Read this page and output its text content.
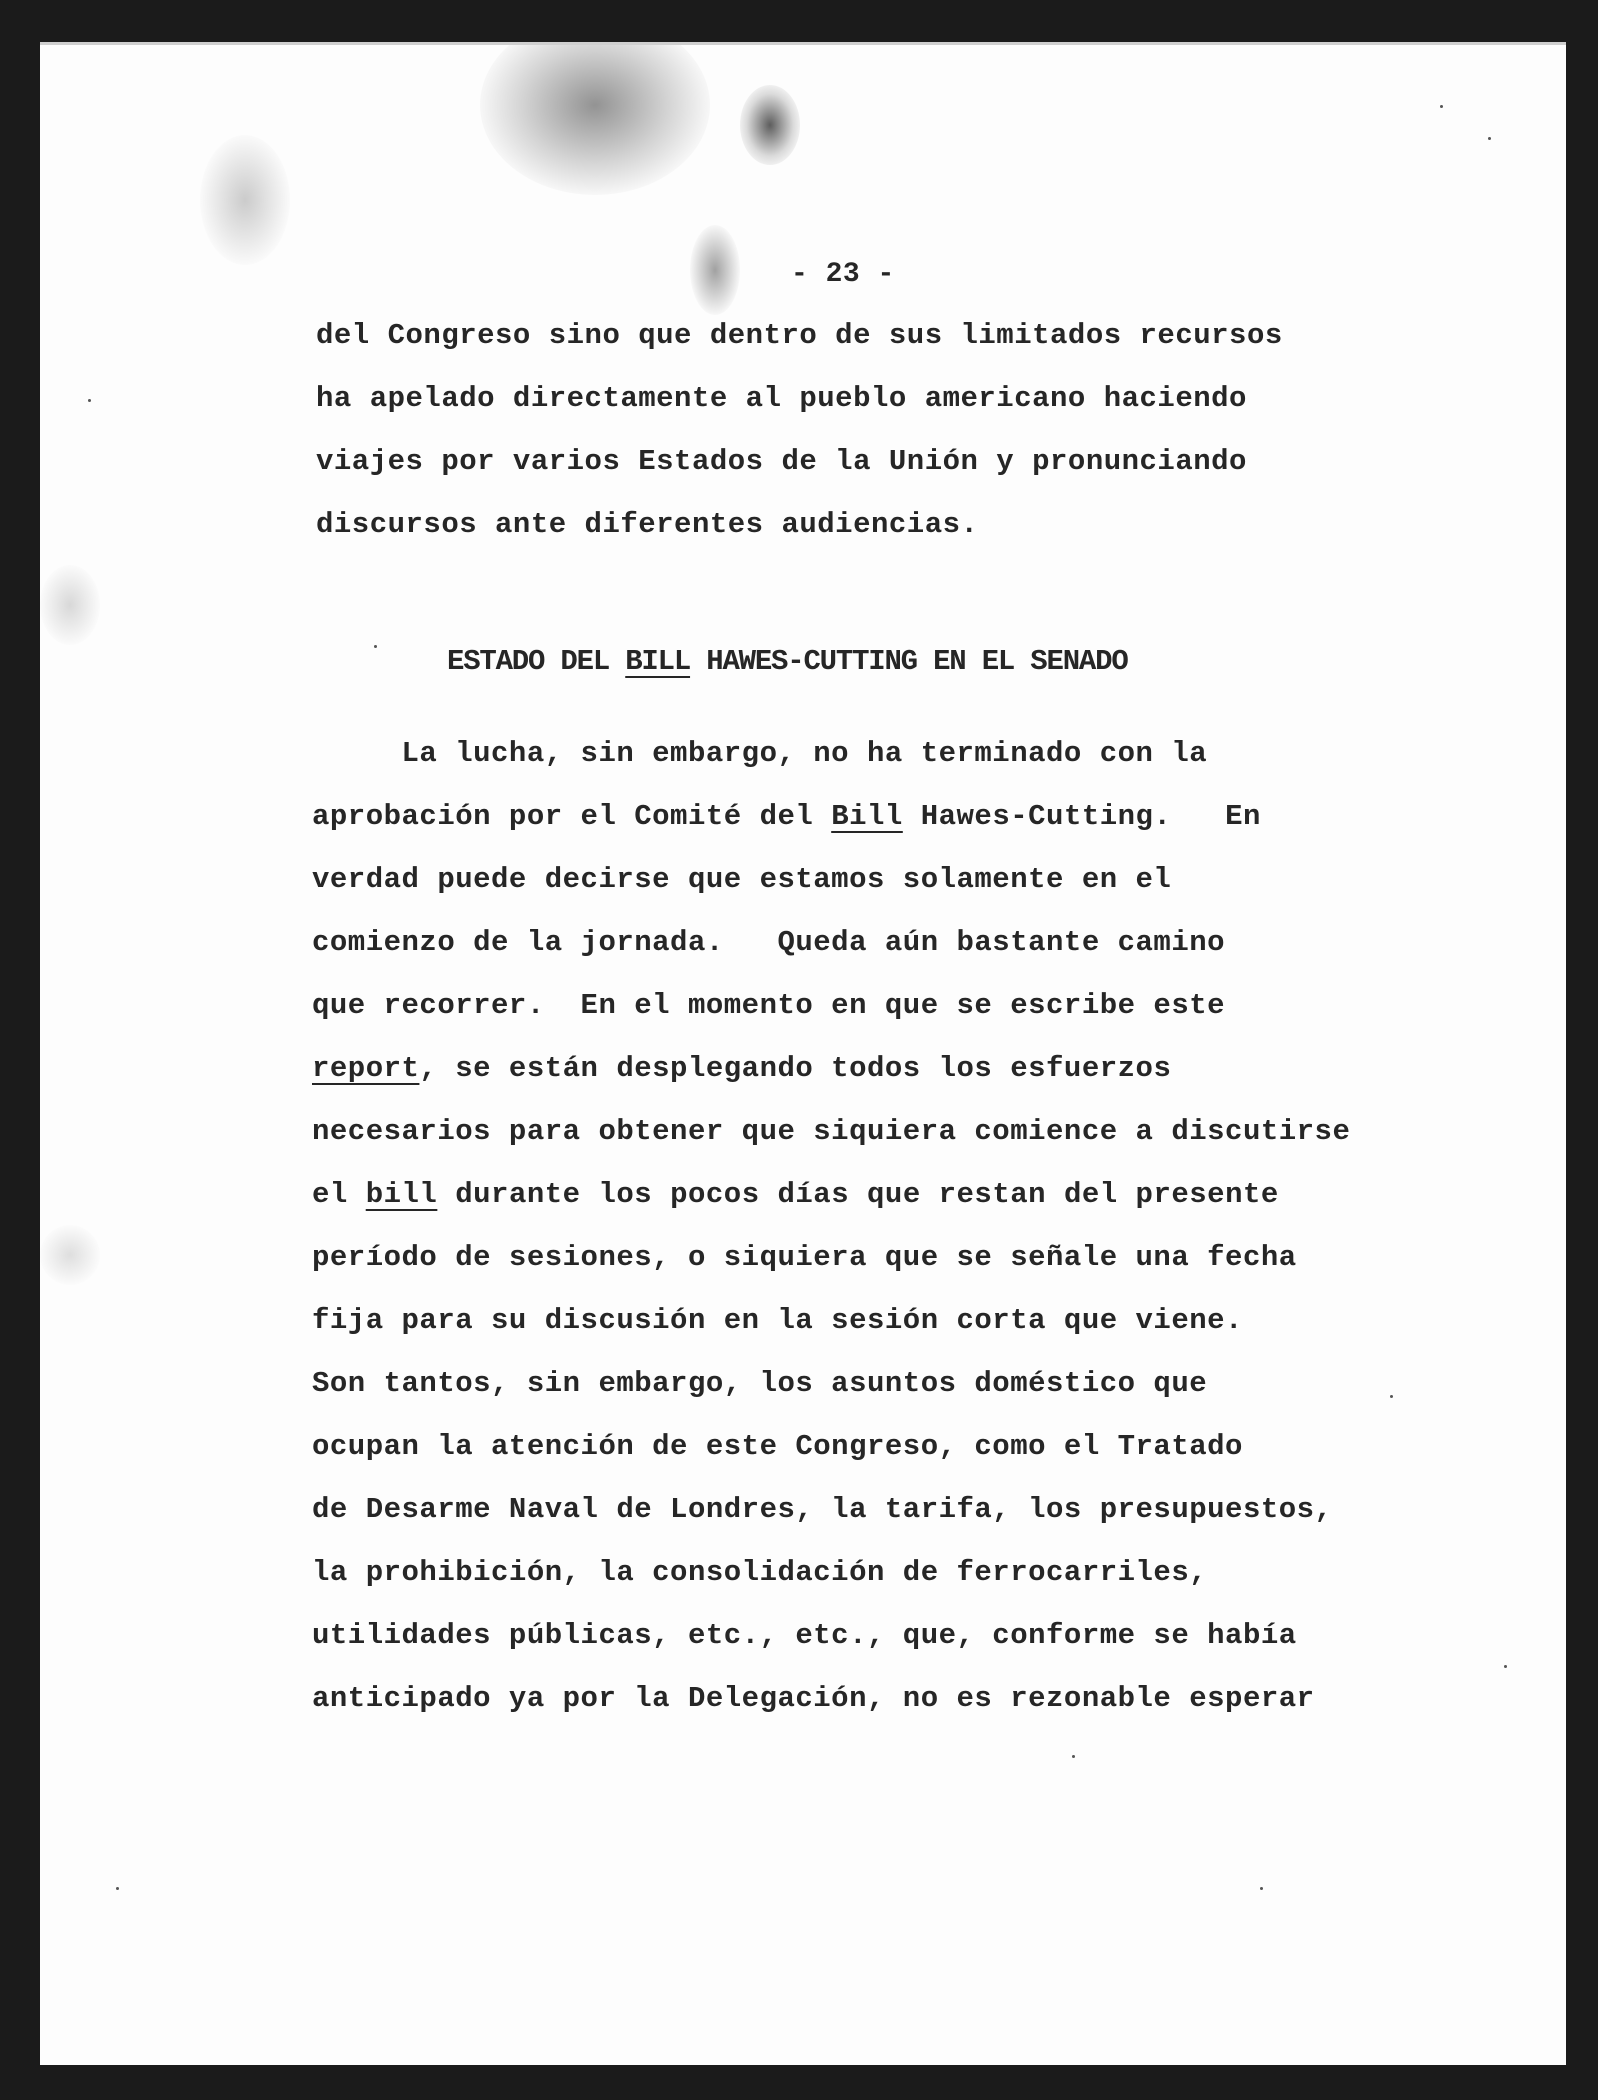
- 23 -

del Congreso sino que dentro de sus limitados recursos

ha apelado directamente al pueblo americano haciendo

viajes por varios Estados de la Unión y pronunciando

discursos ante diferentes audiencias.

ESTADO DEL BILL HAWES-CUTTING EN EL SENADO

La lucha, sin embargo, no ha terminado con la

aprobación por el Comité del Bill Hawes-Cutting.   En

verdad puede decirse que estamos solamente en el

comienzo de la jornada.   Queda aún bastante camino

que recorrer.  En el momento en que se escribe este

report, se están desplegando todos los esfuerzos

necesarios para obtener que siquiera comience a discutirse

el bill durante los pocos días que restan del presente

período de sesiones, o siquiera que se señale una fecha

fija para su discusión en la sesión corta que viene.

Son tantos, sin embargo, los asuntos doméstico que

ocupan la atención de este Congreso, como el Tratado

de Desarme Naval de Londres, la tarifa, los presupuestos,

la prohibición, la consolidación de ferrocarriles,

utilidades públicas, etc., etc., que, conforme se había

anticipado ya por la Delegación, no es rezonable esperar
